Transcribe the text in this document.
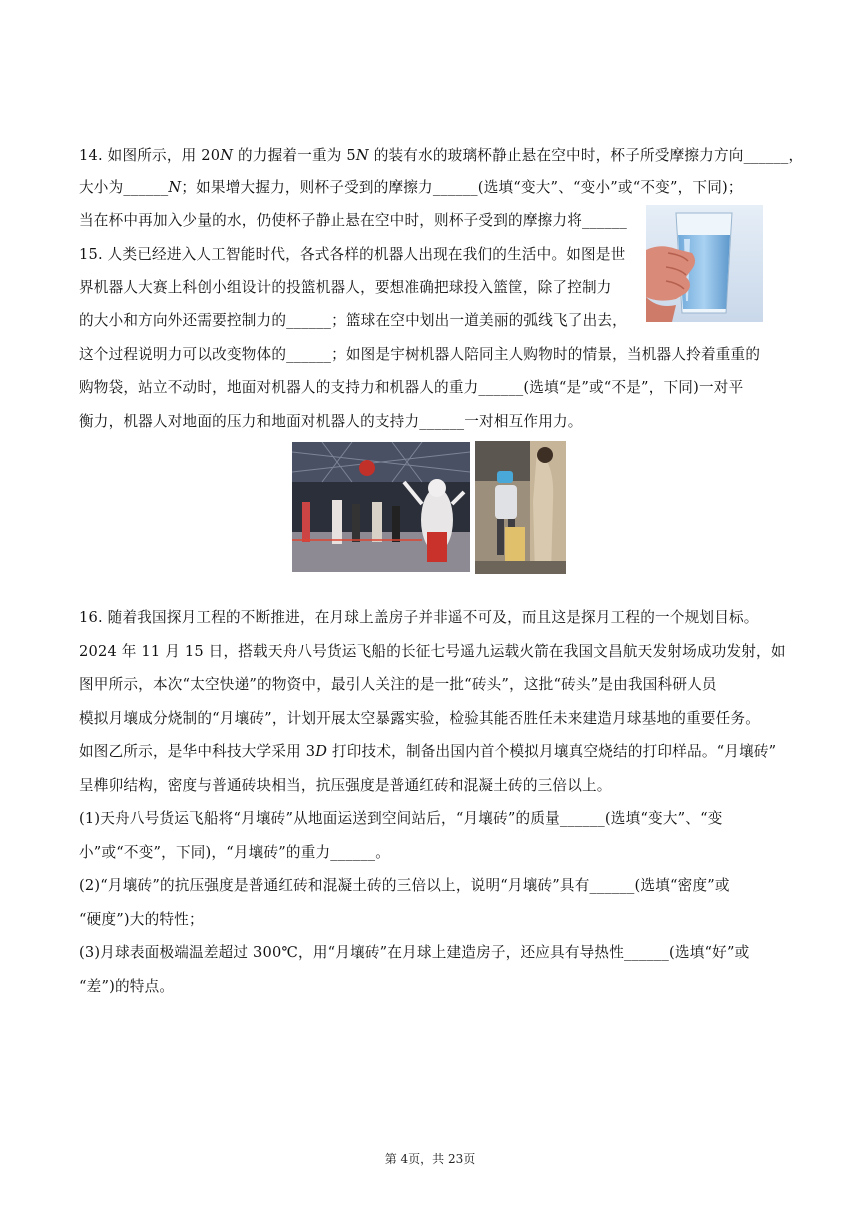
14. 如图所示，用 20𝑁 的力握着一重为 5𝑁 的装有水的玻璃杯静止悬在空中时，杯子所受摩擦力方向______，
大小为______𝑁；如果增大握力，则杯子受到的摩擦力______(选填“变大”、“变小”或“不变”，下同)；
当在杯中再加入少量的水，仍使杯子静止悬在空中时，则杯子受到的摩擦力将______
15. 人类已经进入人工智能时代，各式各样的机器人出现在我们的生活中。如图是世
界机器人大赛上科创小组设计的投篮机器人，要想准确把球投入篮筐，除了控制力
的大小和方向外还需要控制力的______；篮球在空中划出一道美丽的弧线飞了出去，
这个过程说明力可以改变物体的______；如图是宇树机器人陪同主人购物时的情景，当机器人拎着重重的
购物袋，站立不动时，地面对机器人的支持力和机器人的重力______(选填“是”或“不是”，下同)一对平
衡力，机器人对地面的压力和地面对机器人的支持力______一对相互作用力。
16. 随着我国探月工程的不断推进，在月球上盖房子并非遥不可及，而且这是探月工程的一个规划目标。
2024 年 11 月 15 日，搭载天舟八号货运飞船的长征七号遥九运载火箭在我国文昌航天发射场成功发射，如
图甲所示，本次“太空快递”的物资中，最引人关注的是一批“砖头”，这批“砖头”是由我国科研人员
模拟月壤成分烧制的“月壤砖”，计划开展太空暴露实验，检验其能否胜任未来建造月球基地的重要任务。
如图乙所示，是华中科技大学采用 3𝐷 打印技术，制备出国内首个模拟月壤真空烧结的打印样品。“月壤砖”
呈榫卯结构，密度与普通砖块相当，抗压强度是普通红砖和混凝土砖的三倍以上。
(1)天舟八号货运飞船将“月壤砖”从地面运送到空间站后，“月壤砖”的质量______(选填“变大”、“变
小”或“不变”，下同)，“月壤砖”的重力______。
(2)“月壤砖”的抗压强度是普通红砖和混凝土砖的三倍以上，说明“月壤砖”具有______(选填“密度”或
“硬度”)大的特性；
(3)月球表面极端温差超过 300℃，用“月壤砖”在月球上建造房子，还应具有导热性______(选填“好”或
“差”)的特点。
第 4页，共 23页
